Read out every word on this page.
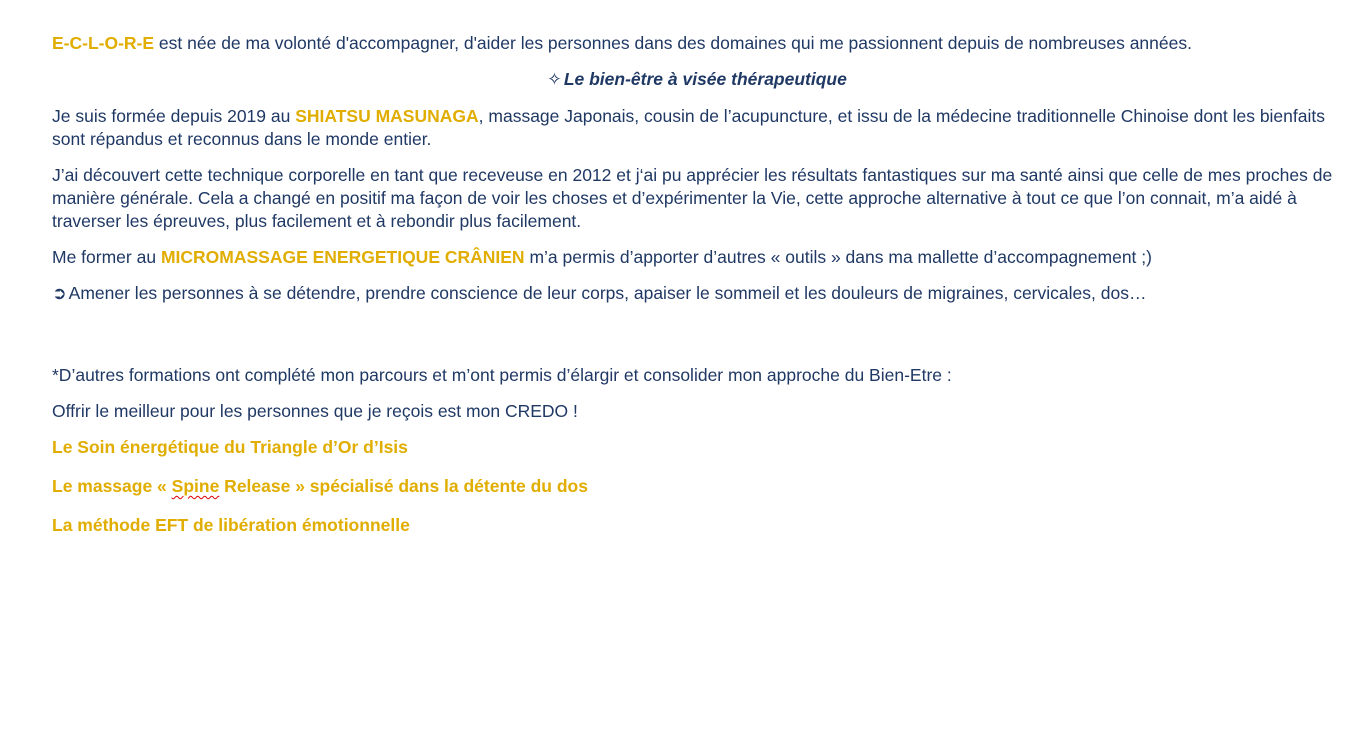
E-C-L-O-R-E est née de ma volonté d'accompagner, d'aider les personnes dans des domaines qui me passionnent depuis de nombreuses années.

✧ Le bien-être à visée thérapeutique

Je suis formée depuis 2019 au SHIATSU MASUNAGA, massage Japonais, cousin de l’acupuncture, et issu de la médecine traditionnelle Chinoise dont les bienfaits sont répandus et reconnus dans le monde entier.

J’ai découvert cette technique corporelle en tant que receveuse en 2012 et j‘ai pu apprécier les résultats fantastiques sur ma santé ainsi que celle de mes proches de manière générale. Cela a changé en positif ma façon de voir les choses et d’expérimenter la Vie, cette approche alternative à tout ce que l’on connait, m’a aidé à traverser les épreuves, plus facilement et à rebondir plus facilement.

Me former au MICROMASSAGE ENERGETIQUE CRÂNIEN m’a permis d’apporter d’autres « outils » dans ma mallette d’accompagnement ;)

➲ Amener les personnes à se détendre, prendre conscience de leur corps, apaiser le sommeil et les douleurs de migraines, cervicales, dos…

*D’autres formations ont complété mon parcours et m’ont permis d’élargir et consolider mon approche du Bien-Etre :

Offrir le meilleur pour les personnes que je reçois est mon CREDO !

Le Soin énergétique du Triangle d’Or d’Isis

Le massage « Spine Release » spécialisé dans la détente du dos

La méthode EFT de libération émotionnelle
